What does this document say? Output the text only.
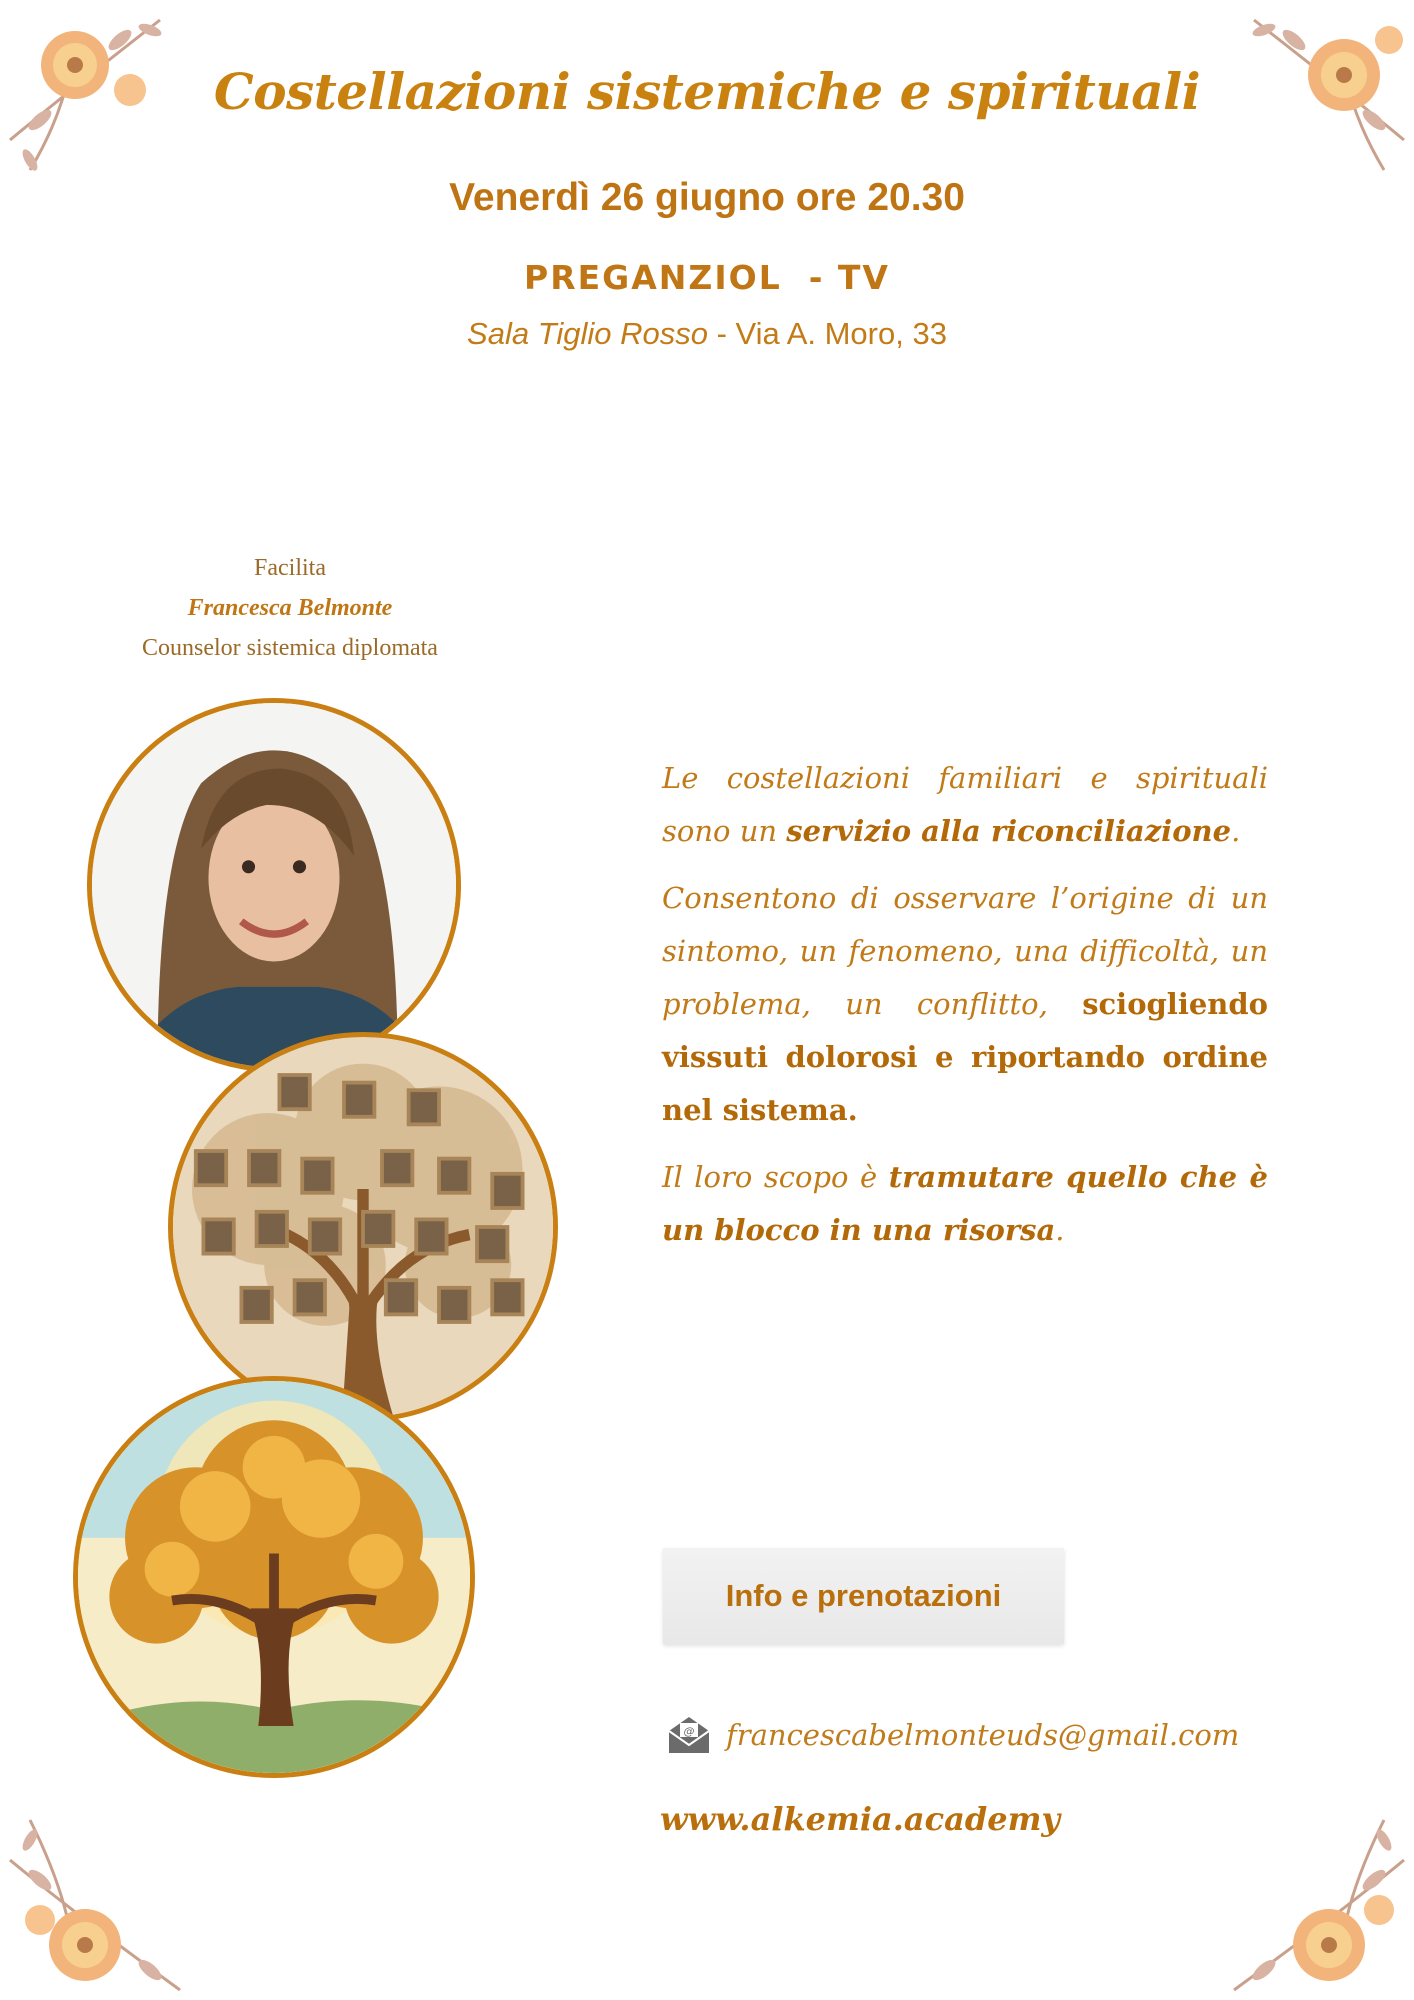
Costellazioni sistemiche e spirituali
Venerdì 26 giugno ore 20.30
PREGANZIOL  - TV
Sala Tiglio Rosso - Via A. Moro, 33
Facilita
Francesca Belmonte
Counselor sistemica diplomata

Le costellazioni familiari e spirituali sono un servizio alla riconciliazione.

Consentono di osservare l’origine di un sintomo, un fenomeno, una difficoltà, un problema, un conflitto, sciogliendo vissuti dolorosi e riportando ordine nel sistema.

Il loro scopo è tramutare quello che è un blocco in una risorsa.

Info e prenotazioni
@ francescabelmonteuds@gmail.com
www.alkemia.academy
